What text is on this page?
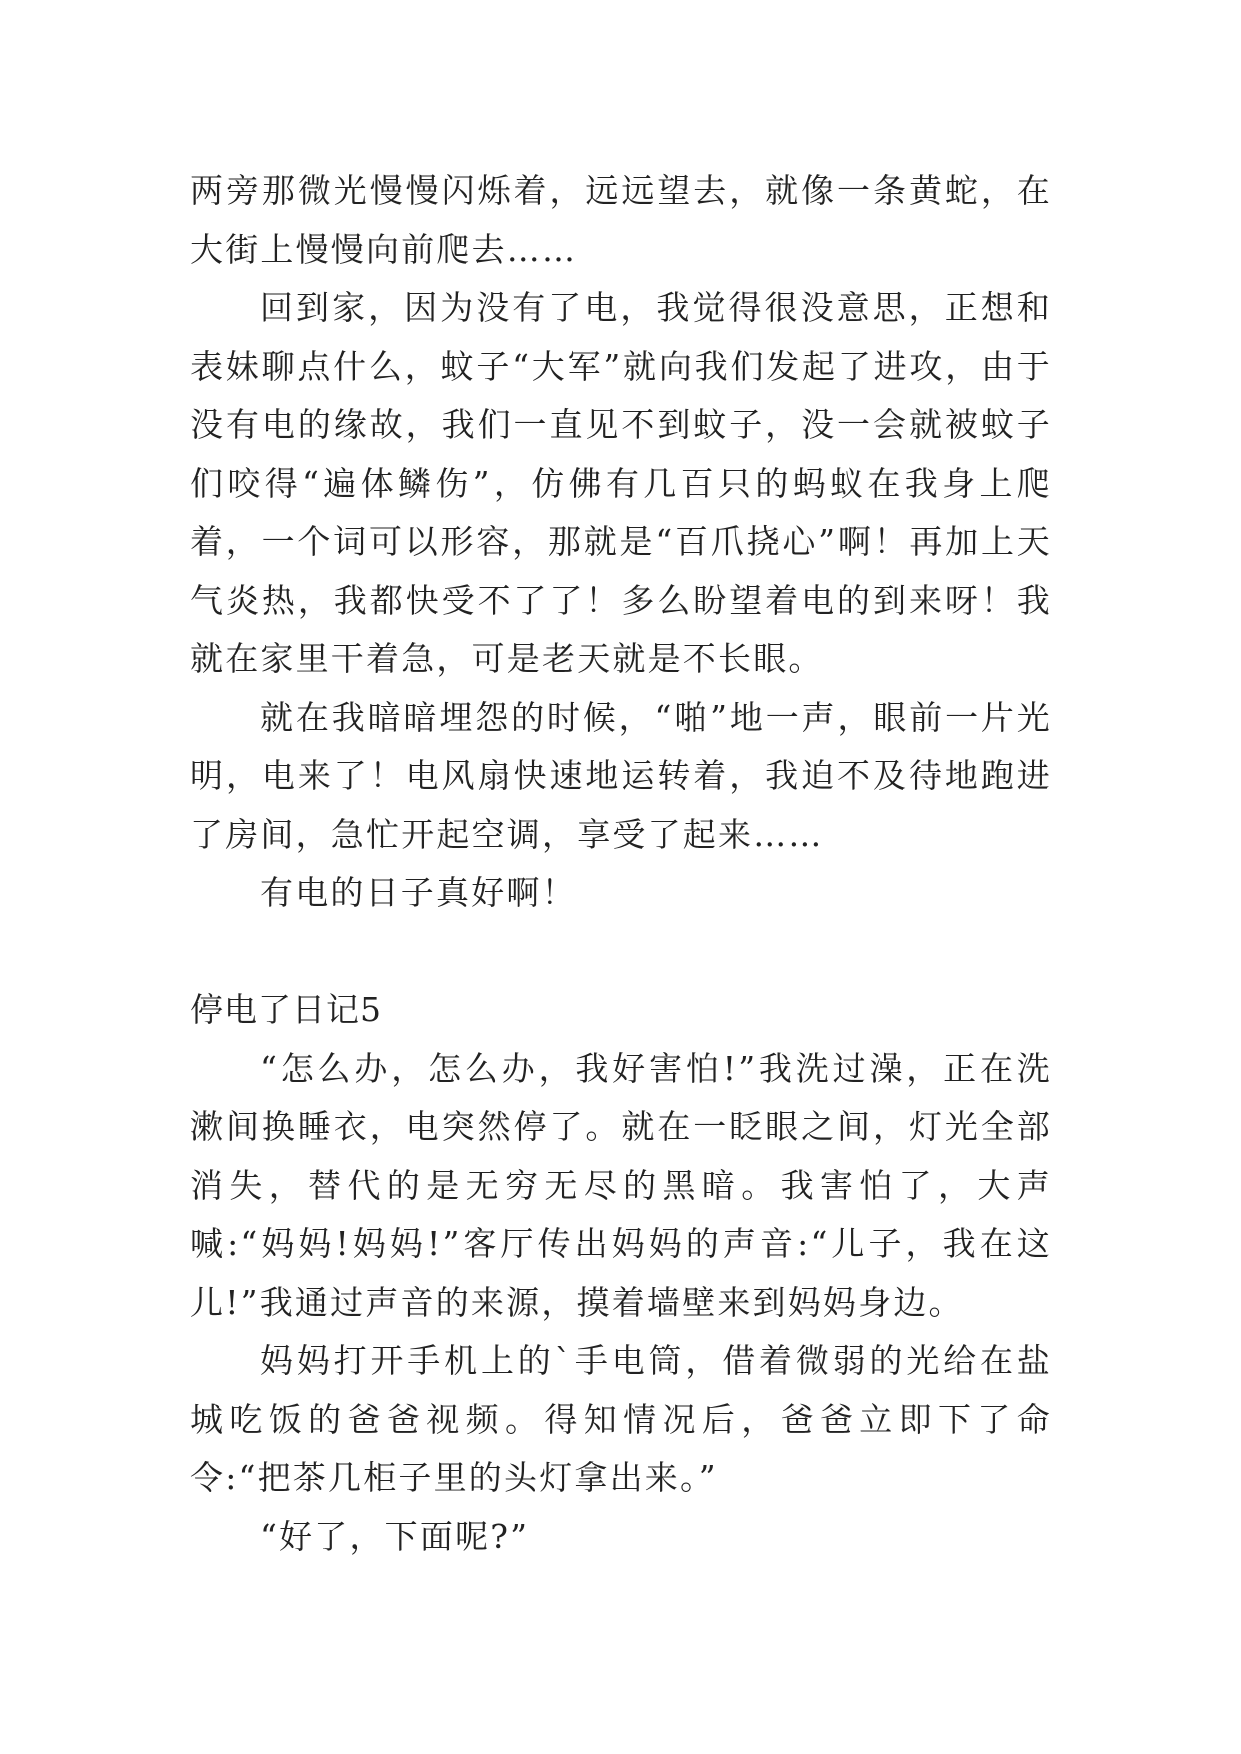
两旁那微光慢慢闪烁着，远远望去，就像一条黄蛇，在大街上慢慢向前爬去……

回到家，因为没有了电，我觉得很没意思，正想和表妹聊点什么，蚊子“大军”就向我们发起了进攻，由于没有电的缘故，我们一直见不到蚊子，没一会就被蚊子们咬得“遍体鳞伤”，仿佛有几百只的蚂蚁在我身上爬着，一个词可以形容，那就是“百爪挠心”啊！再加上天气炎热，我都快受不了了！多么盼望着电的到来呀！我就在家里干着急，可是老天就是不长眼。

就在我暗暗埋怨的时候，“啪”地一声，眼前一片光明，电来了！电风扇快速地运转着，我迫不及待地跑进了房间，急忙开起空调，享受了起来……

有电的日子真好啊！

停电了日记5

“怎么办，怎么办，我好害怕!”我洗过澡，正在洗漱间换睡衣，电突然停了。就在一眨眼之间，灯光全部消失，替代的是无穷无尽的黑暗。我害怕了，大声喊:“妈妈!妈妈!”客厅传出妈妈的声音:“儿子，我在这儿!”我通过声音的来源，摸着墙壁来到妈妈身边。

妈妈打开手机上的`手电筒，借着微弱的光给在盐城吃饭的爸爸视频。得知情况后，爸爸立即下了命令:“把茶几柜子里的头灯拿出来。”

“好了，下面呢?”
